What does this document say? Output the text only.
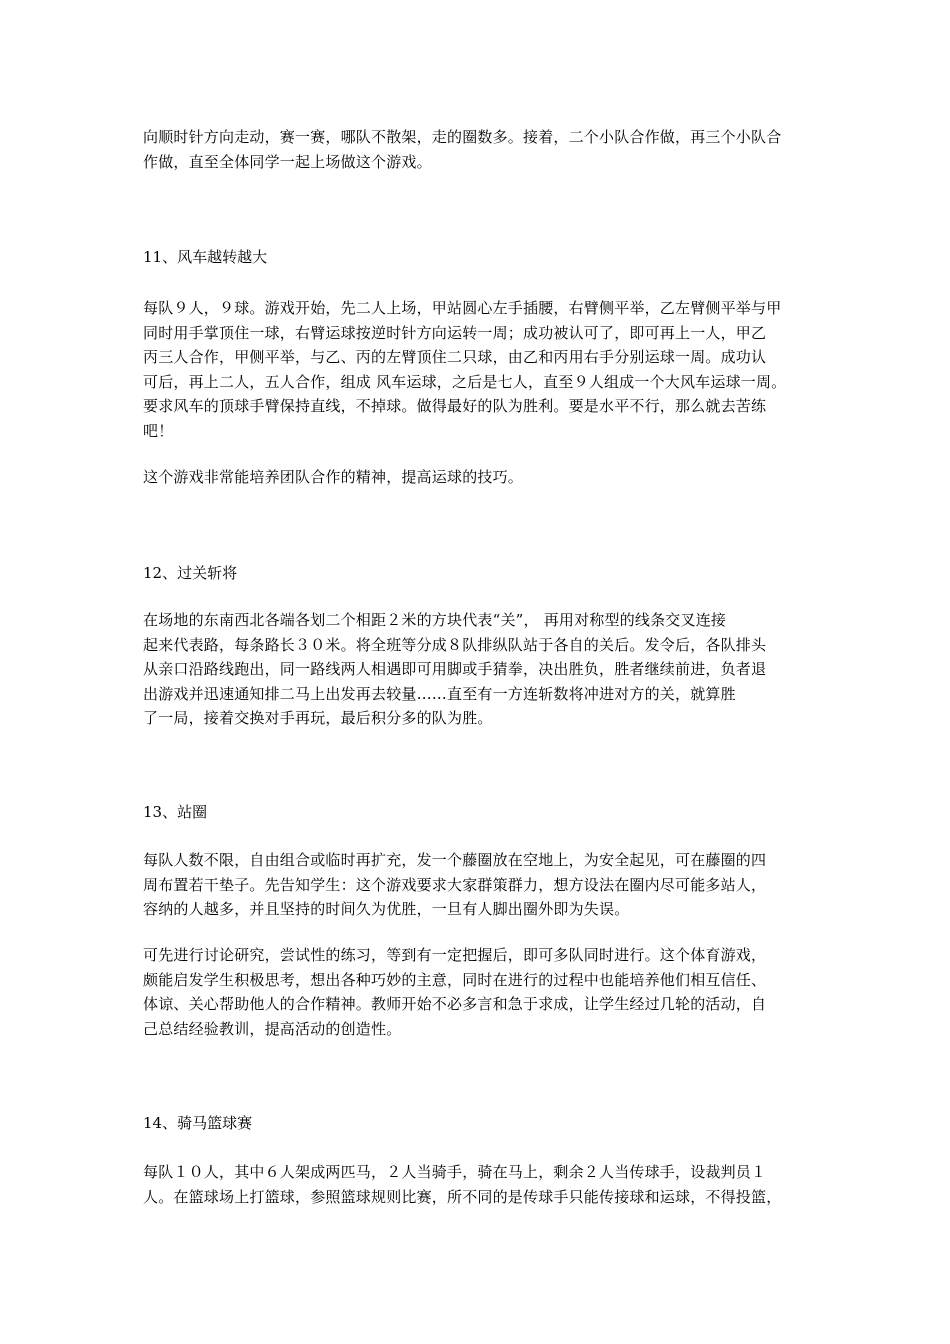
向顺时针方向走动，赛一赛，哪队不散架，走的圈数多。接着，二个小队合作做，再三个小队合
作做，直至全体同学一起上场做这个游戏。

11、风车越转越大

每队９人，９球。游戏开始，先二人上场，甲站圆心左手插腰，右臂侧平举，乙左臂侧平举与甲
同时用手掌顶住一球，右臂运球按逆时针方向运转一周；成功被认可了，即可再上一人，甲乙
丙三人合作，甲侧平举，与乙、丙的左臂顶住二只球，由乙和丙用右手分别运球一周。成功认
可后，再上二人，五人合作，组成 风车运球，之后是七人，直至９人组成一个大风车运球一周。
要求风车的顶球手臂保持直线，不掉球。做得最好的队为胜利。要是水平不行，那么就去苦练
吧！

这个游戏非常能培养团队合作的精神，提高运球的技巧。

12、过关斩将

在场地的东南西北各端各划二个相距２米的方块代表“关”， 再用对称型的线条交叉连接
起来代表路，每条路长３０米。将全班等分成８队排纵队站于各自的关后。发令后，各队排头
从亲口沿路线跑出，同一路线两人相遇即可用脚或手猜拳，决出胜负，胜者继续前进，负者退
出游戏并迅速通知排二马上出发再去较量……直至有一方连斩数将冲进对方的关，就算胜
了一局，接着交换对手再玩，最后积分多的队为胜。

13、站圈

每队人数不限，自由组合或临时再扩充，发一个藤圈放在空地上，为安全起见，可在藤圈的四
周布置若干垫子。先告知学生：这个游戏要求大家群策群力，想方设法在圈内尽可能多站人，
容纳的人越多，并且坚持的时间久为优胜，一旦有人脚出圈外即为失误。

可先进行讨论研究，尝试性的练习，等到有一定把握后，即可多队同时进行。这个体育游戏，
颇能启发学生积极思考，想出各种巧妙的主意，同时在进行的过程中也能培养他们相互信任、
体谅、关心帮助他人的合作精神。教师开始不必多言和急于求成，让学生经过几轮的活动，自
己总结经验教训，提高活动的创造性。

14、骑马篮球赛

每队１０人，其中６人架成两匹马，２人当骑手，骑在马上，剩余２人当传球手，设裁判员１
人。在篮球场上打篮球，参照篮球规则比赛，所不同的是传球手只能传接球和运球，不得投篮，
